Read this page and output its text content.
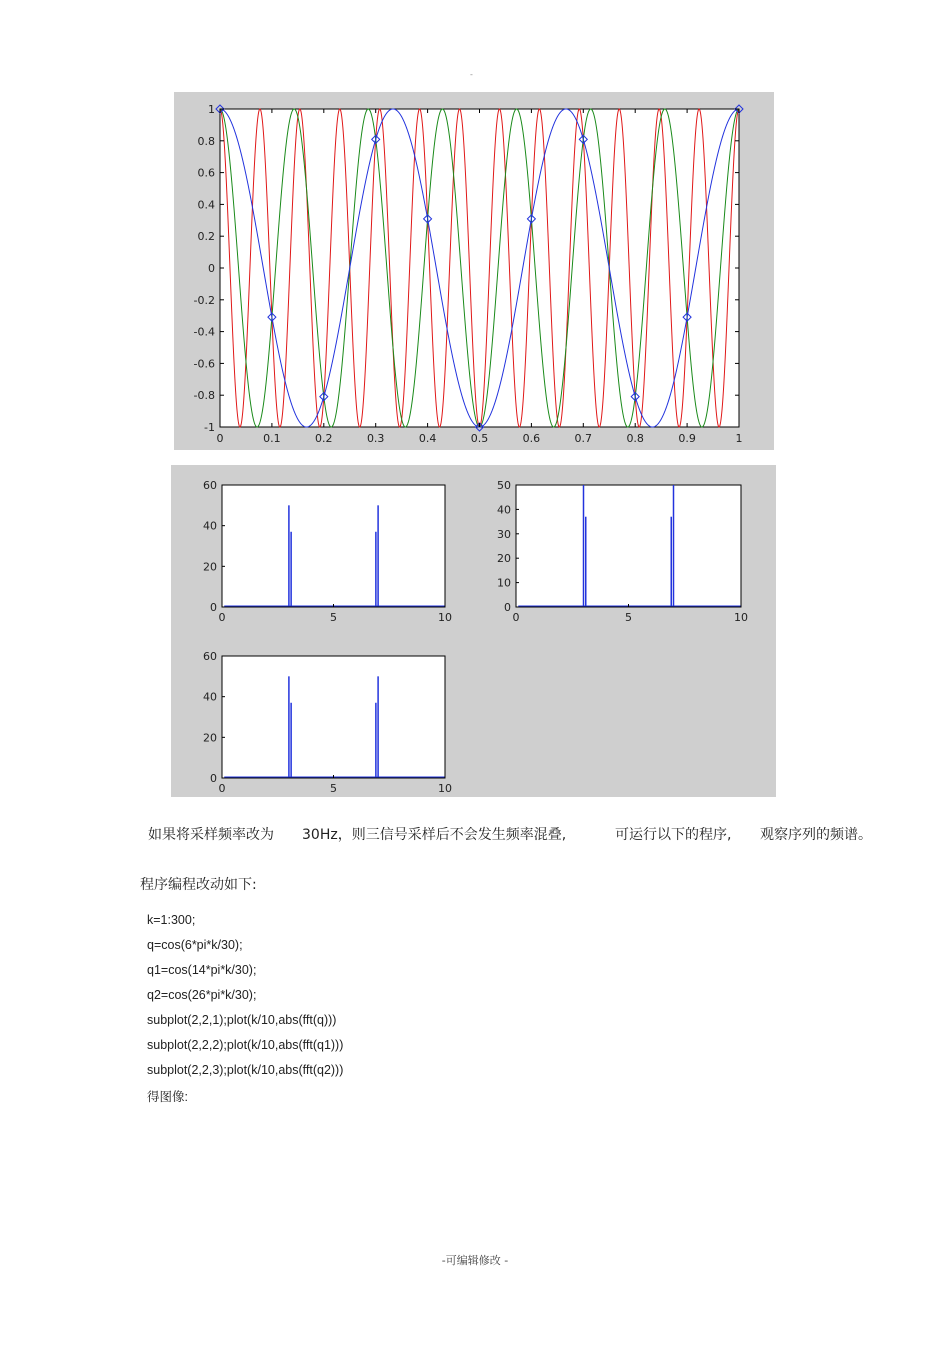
-
0	0.1	0.2	0.3	0.4	0.5	0.6	0.7	0.8	0.9	1
1
0.8
0.6
0.4
0.2
0
-0.2
-0.4
-0.6
-0.8
-1
0	5	10
60
40
20
0
0	5	10
50
40
30
20
10
0
0	5	10
60
40
20
0
如果将采样频率改为 30Hz，则三信号采样后不会发生频率混叠,	可运行以下的程序, 观察序列的频谱。
程序编程改动如下:
k=1:300;
q=cos(6*pi*k/30);
q1=cos(14*pi*k/30);
q2=cos(26*pi*k/30);
subplot(2,2,1);plot(k/10,abs(fft(q)))
subplot(2,2,2);plot(k/10,abs(fft(q1)))
subplot(2,2,3);plot(k/10,abs(fft(q2)))
得图像:
-可编辑修改 -
